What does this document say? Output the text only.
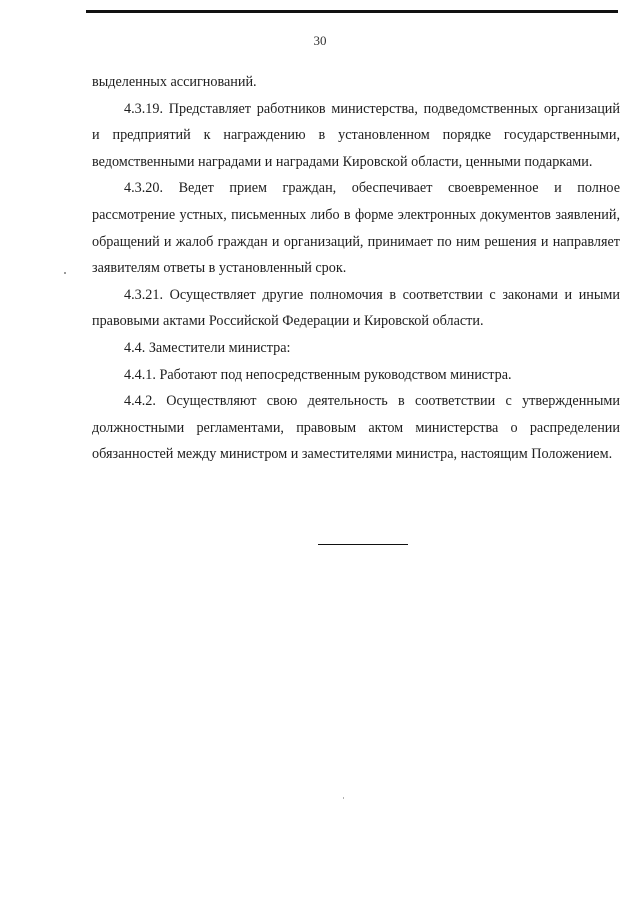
30

выделенных ассигнований.

4.3.19. Представляет работников министерства, подведомственных организаций и предприятий к награждению в установленном порядке государственными, ведомственными наградами и наградами Кировской области, ценными подарками.

4.3.20. Ведет прием граждан, обеспечивает своевременное и полное рассмотрение устных, письменных либо в форме электронных документов заявлений, обращений и жалоб граждан и организаций, принимает по ним решения и направляет заявителям ответы в установленный срок.

4.3.21. Осуществляет другие полномочия в соответствии с законами и иными правовыми актами Российской Федерации и Кировской области.

4.4. Заместители министра:

4.4.1. Работают под непосредственным руководством министра.

4.4.2. Осуществляют свою деятельность в соответствии с утвержденными должностными регламентами, правовым актом министерства о распределении обязанностей между министром и заместителями министра, настоящим Положением.
